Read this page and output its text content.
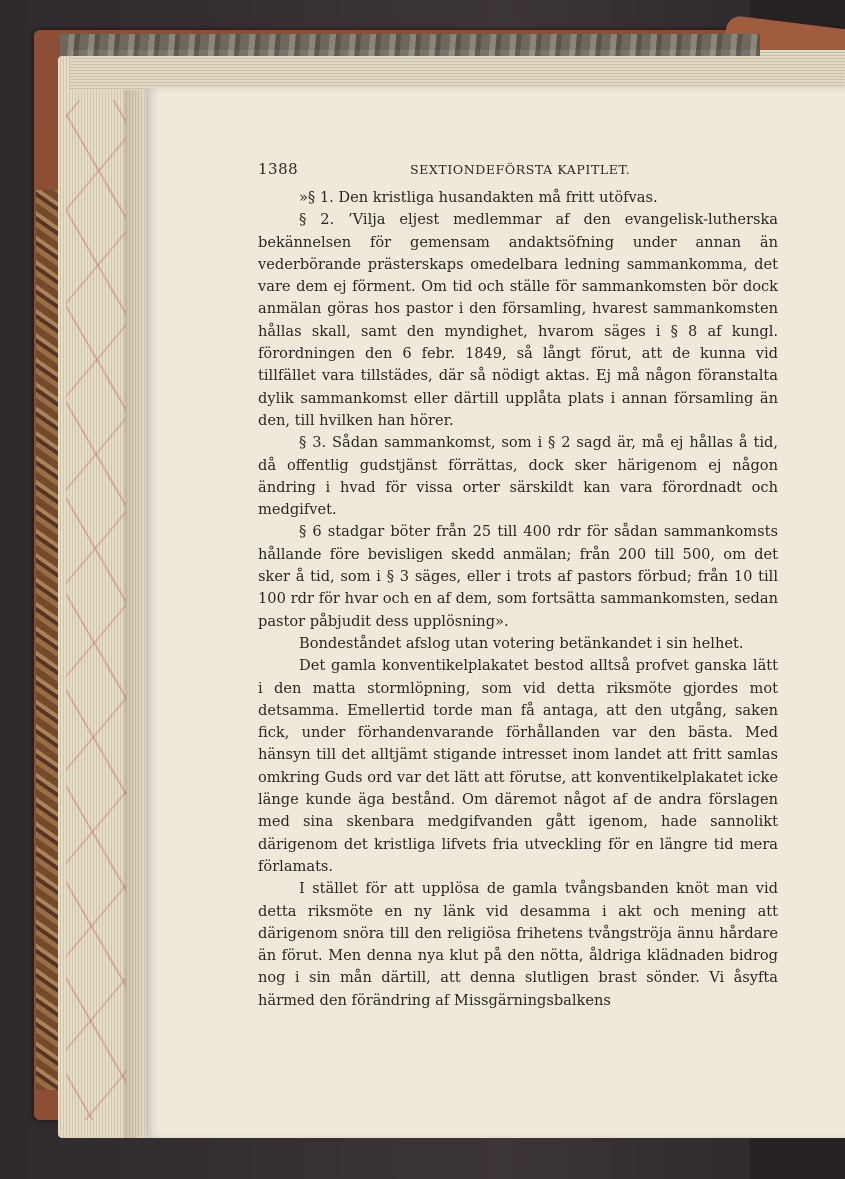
1388	SEXTIONDEFÖRSTA KAPITLET.

»§ 1. Den kristliga husandakten må fritt utöfvas.

§ 2. ’Vilja eljest medlemmar af den evangelisk-lutherska bekännelsen för gemensam andaktsöfning under annan än vederbörande prästerskaps omedelbara ledning sammankomma, det vare dem ej förment. Om tid och ställe för sammankomsten bör dock anmälan göras hos pastor i den församling, hvarest sammankomsten hållas skall, samt den myndighet, hvarom säges i § 8 af kungl. förordningen den 6 febr. 1849, så långt förut, att de kunna vid tillfället vara tillstädes, där så nödigt aktas. Ej må någon föranstalta dylik sammankomst eller därtill upplåta plats i annan församling än den, till hvilken han hörer.

§ 3. Sådan sammankomst, som i § 2 sagd är, må ej hållas å tid, då offentlig gudstjänst förrättas, dock sker härigenom ej någon ändring i hvad för vissa orter särskildt kan vara förordnadt och medgifvet.

§ 6 stadgar böter från 25 till 400 rdr för sådan sammankomsts hållande före bevisligen skedd anmälan; från 200 till 500, om det sker å tid, som i § 3 säges, eller i trots af pastors förbud; från 10 till 100 rdr för hvar och en af dem, som fortsätta sammankomsten, sedan pastor påbjudit dess upplösning».

Bondeståndet afslog utan votering betänkandet i sin helhet.

Det gamla konventikelplakatet bestod alltså profvet ganska lätt i den matta stormlöpning, som vid detta riksmöte gjordes mot detsamma. Emellertid torde man få antaga, att den utgång, saken fick, under förhandenvarande förhållanden var den bästa. Med hänsyn till det alltjämt stigande intresset inom landet att fritt samlas omkring Guds ord var det lätt att förutse, att konventikelplakatet icke länge kunde äga bestånd. Om däremot något af de andra förslagen med sina skenbara medgifvanden gått igenom, hade sannolikt därigenom det kristliga lifvets fria utveckling för en längre tid mera förlamats.

I stället för att upplösa de gamla tvångsbanden knöt man vid detta riksmöte en ny länk vid desamma i akt och mening att därigenom snöra till den religiösa frihetens tvångströja ännu hårdare än förut. Men denna nya klut på den nötta, åldriga klädnaden bidrog nog i sin mån därtill, att denna slutligen brast sönder. Vi åsyfta härmed den förändring af Missgärningsbalkens
